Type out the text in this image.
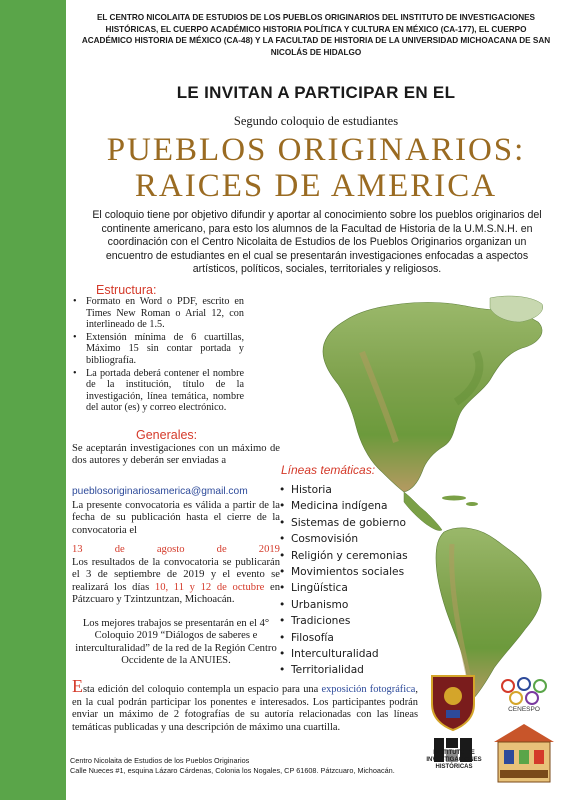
EL CENTRO NICOLAITA DE ESTUDIOS DE LOS PUEBLOS ORIGINARIOS DEL INSTITUTO DE INVESTIGACIONES HISTÓRICAS, EL CUERPO ACADÉMICO HISTORIA POLÍTICA Y CULTURA EN MÉXICO (CA-177), EL CUERPO ACADÉMICO HISTORIA DE MÉXICO (CA-48) Y LA FACULTAD DE HISTORIA DE LA UNIVERSIDAD MICHOACANA DE SAN NICOLÁS DE HIDALGO
LE INVITAN A PARTICIPAR EN EL
Segundo coloquio de estudiantes
PUEBLOS ORIGINARIOS:
RAICES DE AMERICA
El coloquio tiene por objetivo difundir y aportar al conocimiento sobre los pueblos originarios del continente americano, para esto los alumnos de la Facultad de Historia de la U.M.S.N.H. en coordinación con el Centro Nicolaita de Estudios de los Pueblos Originarios organizan un encuentro de estudiantes en el cual se presentarán investigaciones enfocadas a aspectos artísticos, políticos, sociales, territoriales y religiosos.
Estructura:
• Formato en Word o PDF, escrito en Times New Roman o Arial 12, con interlineado de 1.5.
• Extensión mínima de 6 cuartillas, Máximo 15 sin contar portada y bibliografía.
• La portada deberá contener el nombre de la institución, título de la investigación, línea temática, nombre del autor (es) y correo electrónico.
Generales:
Se aceptarán investigaciones con un máximo de dos autores y deberán ser enviadas a
pueblosoriginariosamerica@gmail.com
La presente convocatoria es válida a partir de la fecha de su publicación hasta el cierre de la convocatoria el
13	de	agosto	de	2019
Los resultados de la convocatoria se publicarán el 3 de septiembre de 2019 y el evento se realizará los días 10, 11 y 12 de octubre en Pátzcuaro y Tzintzuntzan, Michoacán.
Los mejores trabajos se presentarán en el 4° Coloquio 2019 “Diálogos de saberes e interculturalidad” de la red de la Región Centro Occidente de la ANUIES.
Líneas temáticas:
• Historia
• Medicina indígena
• Sistemas de gobierno
• Cosmovisión
• Religión y ceremonias
• Movimientos sociales
• Lingüística
• Urbanismo
• Tradiciones
• Filosofía
• Interculturalidad
• Territorialidad
Esta edición del coloquio contempla un espacio para una exposición fotográfica, en la cual podrán participar los ponentes e interesados. Los participantes podrán enviar un máximo de 2 fotografías de su autoría relacionadas con las líneas temáticas publicadas y una descripción de máximo una cuartilla.
Centro Nicolaita de Estudios de los Pueblos Originarios
Calle Nueces #1, esquina Lázaro Cárdenas, Colonia los Nogales, CP 61608. Pátzcuaro, Michoacán.
INSTITUTO DE INVESTIGACIONES HISTÓRICAS
CENESPO
